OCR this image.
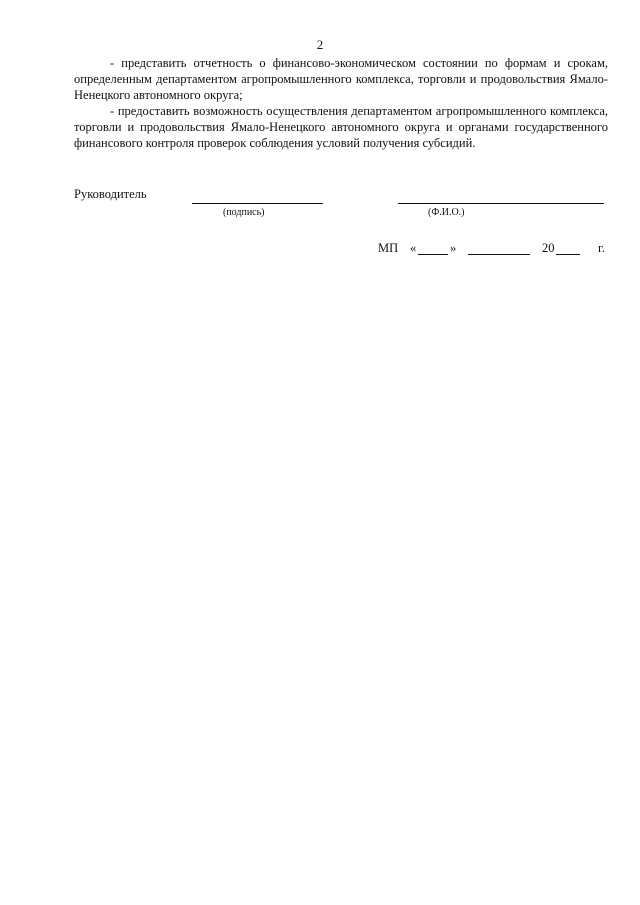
2

- представить отчетность о финансово-экономическом состоянии по формам и срокам, определенным департаментом агропромышленного комплекса, торговли и продовольствия Ямало-Ненецкого автономного округа;

- предоставить возможность осуществления департаментом агропромышленного комплекса, торговли и продовольствия Ямало-Ненецкого автономного округа и органами государственного финансового контроля проверок соблюдения условий получения субсидий.

Руководитель
(подпись)	(Ф.И.О.)
МП «	»	20	г.
